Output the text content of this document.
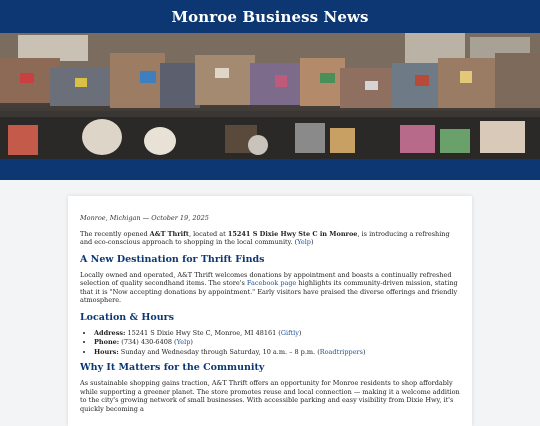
Monroe Business News

Monroe, Michigan — October 19, 2025

The recently opened A&T Thrift, located at 15241 S Dixie Hwy Ste C in Monroe, is introducing a refreshing and eco-conscious approach to shopping in the local community. (Yelp)

A New Destination for Thrift Finds

Locally owned and operated, A&T Thrift welcomes donations by appointment and boasts a continually refreshed selection of quality secondhand items. The store's Facebook page highlights its community-driven mission, stating that it is "Now accepting donations by appointment." Early visitors have praised the diverse offerings and friendly atmosphere.

Location & Hours
• Address: 15241 S Dixie Hwy Ste C, Monroe, MI 48161 (Giftly)
• Phone: (734) 430-6408 (Yelp)
• Hours: Sunday and Wednesday through Saturday, 10 a.m. – 8 p.m. (Roadtrippers)
Why It Matters for the Community

As sustainable shopping gains traction, A&T Thrift offers an opportunity for Monroe residents to shop affordably while supporting a greener planet. The store promotes reuse and local connection — making it a welcome addition to the city's growing network of small businesses. With accessible parking and easy visibility from Dixie Hwy, it's quickly becoming a
